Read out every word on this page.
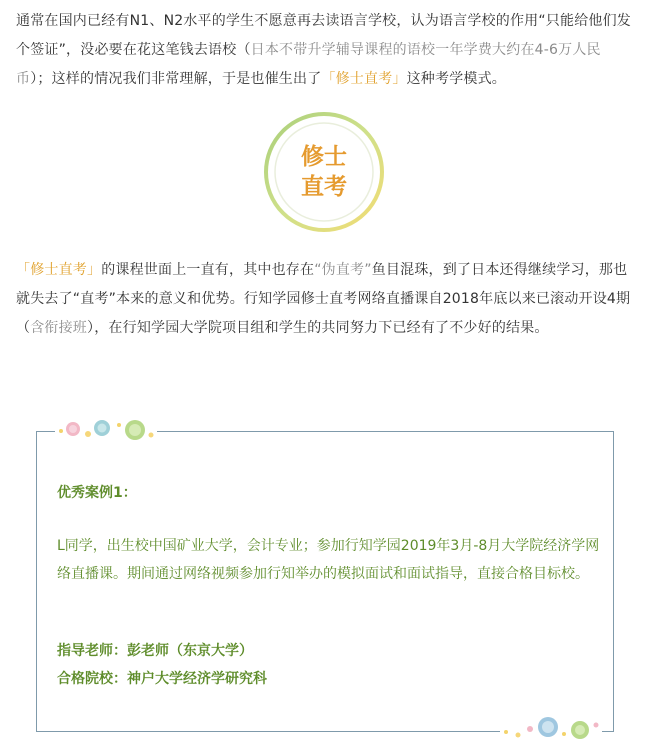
通常在国内已经有N1、N2水平的学生不愿意再去读语言学校，认为语言学校的作用“只能给他们发个签证”，没必要在花这笔钱去语校（日本不带升学辅导课程的语校一年学费大约在4-6万人民币）；这样的情况我们非常理解，于是也催生出了「修士直考」这种考学模式。

修士
直考

「修士直考」的课程世面上一直有，其中也存在“伪直考”鱼目混珠，到了日本还得继续学习，那也就失去了“直考”本来的意义和优势。行知学园修士直考网络直播课自2018年底以来已滚动开设4期（含衔接班），在行知学园大学院项目组和学生的共同努力下已经有了不少好的结果。

优秀案例1：
L同学，出生校中国矿业大学，会计专业；参加行知学园2019年3月-8月大学院经济学网络直播课。期间通过网络视频参加行知举办的模拟面试和面试指导，直接合格目标校。
指导老师：彭老师（东京大学）
合格院校：神户大学经济学研究科
